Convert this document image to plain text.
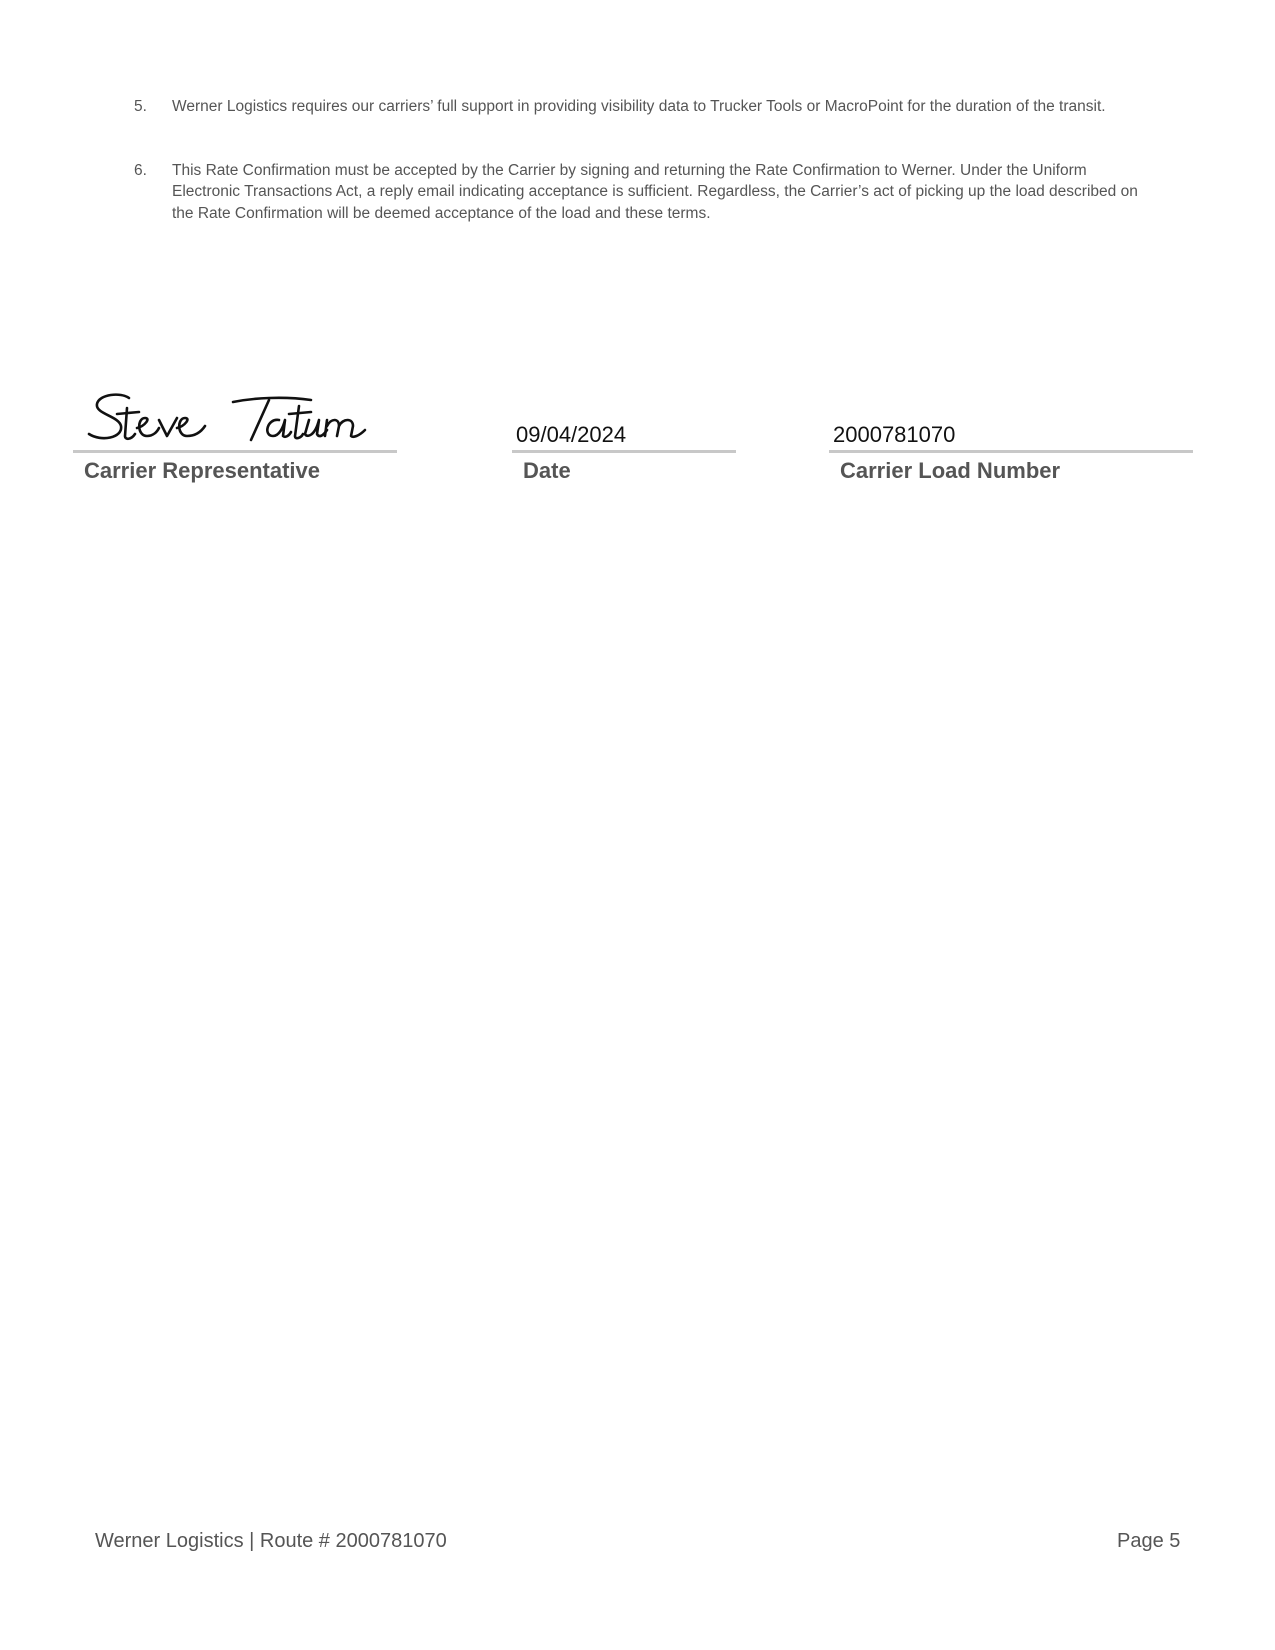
5. Werner Logistics requires our carriers’ full support in providing visibility data to Trucker Tools or MacroPoint for the duration of the transit.
6. This Rate Confirmation must be accepted by the Carrier by signing and returning the Rate Confirmation to Werner. Under the Uniform Electronic Transactions Act, a reply email indicating acceptance is sufficient. Regardless, the Carrier’s act of picking up the load described on the Rate Confirmation will be deemed acceptance of the load and these terms.
Carrier Representative
09/04/2024
Date
2000781070
Carrier Load Number
Werner Logistics | Route # 2000781070	Page 5
